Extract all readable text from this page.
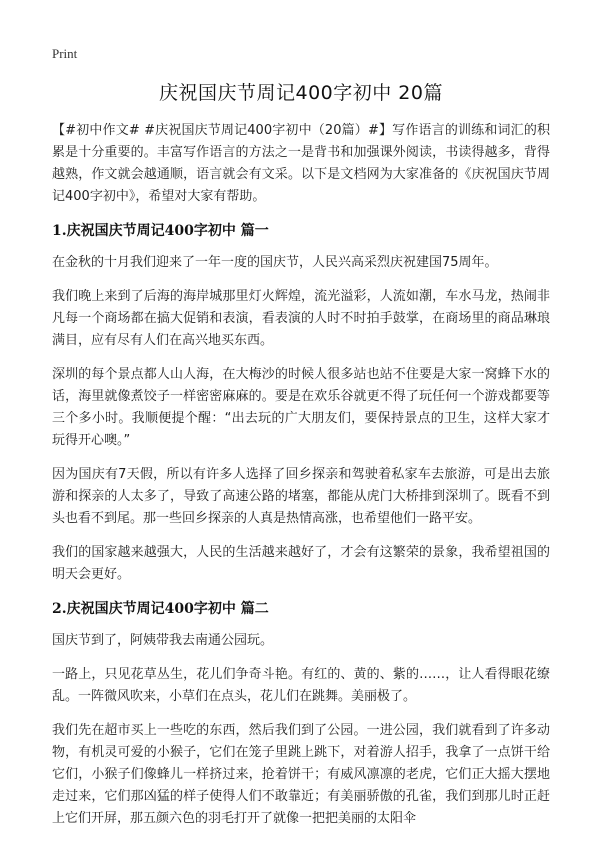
Print

庆祝国庆节周记400字初中 20篇

【#初中作文# #庆祝国庆节周记400字初中（20篇）#】写作语言的训练和词汇的积累是十分重要的。丰富写作语言的方法之一是背书和加强课外阅读，书读得越多，背得越熟，作文就会越通顺，语言就会有文采。以下是文档网为大家准备的《庆祝国庆节周记400字初中》，希望对大家有帮助。

1.庆祝国庆节周记400字初中 篇一

在金秋的十月我们迎来了一年一度的国庆节，人民兴高采烈庆祝建国75周年。

我们晚上来到了后海的海岸城那里灯火辉煌，流光溢彩，人流如潮，车水马龙，热闹非凡每一个商场都在搞大促销和表演，看表演的人时不时拍手鼓掌，在商场里的商品琳琅满目，应有尽有人们在高兴地买东西。

深圳的每个景点都人山人海，在大梅沙的时候人很多站也站不住要是大家一窝蜂下水的话，海里就像煮饺子一样密密麻麻的。要是在欢乐谷就更不得了玩任何一个游戏都要等三个多小时。我顺便提个醒：“出去玩的广大朋友们，要保持景点的卫生，这样大家才玩得开心噢。”

因为国庆有7天假，所以有许多人选择了回乡探亲和驾驶着私家车去旅游，可是出去旅游和探亲的人太多了，导致了高速公路的堵塞，都能从虎门大桥排到深圳了。既看不到头也看不到尾。那一些回乡探亲的人真是热情高涨，也希望他们一路平安。

我们的国家越来越强大，人民的生活越来越好了，才会有这繁荣的景象，我希望祖国的明天会更好。

2.庆祝国庆节周记400字初中 篇二

国庆节到了，阿姨带我去南通公园玩。

一路上，只见花草丛生，花儿们争奇斗艳。有红的、黄的、紫的……，让人看得眼花缭乱。一阵微风吹来，小草们在点头，花儿们在跳舞。美丽极了。

我们先在超市买上一些吃的东西，然后我们到了公园。一进公园，我们就看到了许多动物，有机灵可爱的小猴子，它们在笼子里跳上跳下，对着游人招手，我拿了一点饼干给它们，小猴子们像蜂儿一样挤过来，抢着饼干；有威风凛凛的老虎，它们正大摇大摆地走过来，它们那凶猛的样子使得人们不敢靠近；有美丽骄傲的孔雀，我们到那儿时正赶上它们开屏，那五颜六色的羽毛打开了就像一把把美丽的太阳伞
